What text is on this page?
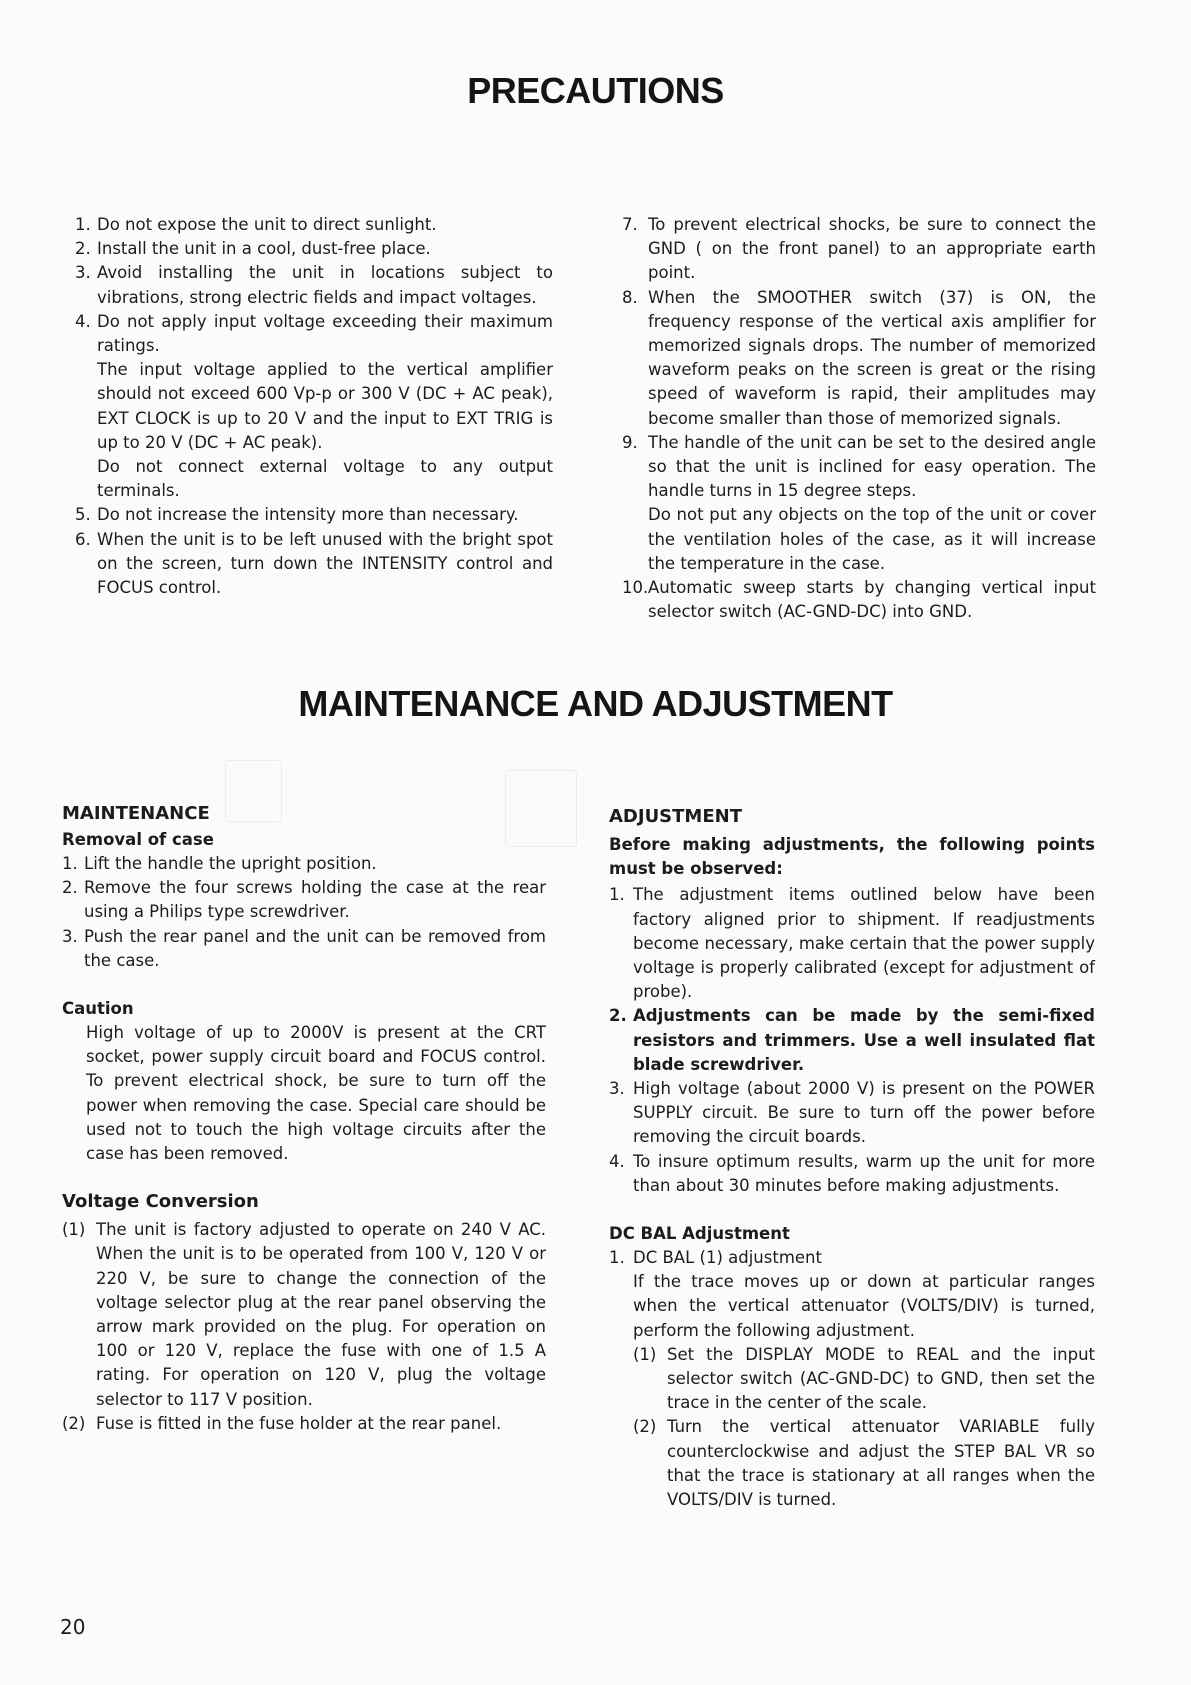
PRECAUTIONS
1. Do not expose the unit to direct sunlight.
2. Install the unit in a cool, dust-free place.
3. Avoid installing the unit in locations subject to vibrations, strong electric fields and impact voltages.
4. Do not apply input voltage exceeding their maximum ratings.
The input voltage applied to the vertical amplifier should not exceed 600 Vp-p or 300 V (DC + AC peak), EXT CLOCK is up to 20 V and the input to EXT TRIG is up to 20 V (DC + AC peak).
Do not connect external voltage to any output terminals.
5. Do not increase the intensity more than necessary.
6. When the unit is to be left unused with the bright spot on the screen, turn down the INTENSITY control and FOCUS control.
7. To prevent electrical shocks, be sure to connect the GND ( on the front panel) to an appropriate earth point.
8. When the SMOOTHER switch (37) is ON, the frequency response of the vertical axis amplifier for memorized signals drops. The number of memorized waveform peaks on the screen is great or the rising speed of waveform is rapid, their amplitudes may become smaller than those of memorized signals.
9. The handle of the unit can be set to the desired angle so that the unit is inclined for easy operation. The handle turns in 15 degree steps.
Do not put any objects on the top of the unit or cover the ventilation holes of the case, as it will increase the temperature in the case.
10. Automatic sweep starts by changing vertical input selector switch (AC-GND-DC) into GND.
MAINTENANCE AND ADJUSTMENT
MAINTENANCE
Removal of case
1. Lift the handle the upright position.
2. Remove the four screws holding the case at the rear using a Philips type screwdriver.
3. Push the rear panel and the unit can be removed from the case.
Caution
High voltage of up to 2000V is present at the CRT socket, power supply circuit board and FOCUS control. To prevent electrical shock, be sure to turn off the power when removing the case. Special care should be used not to touch the high voltage circuits after the case has been removed.
Voltage Conversion
(1) The unit is factory adjusted to operate on 240 V AC. When the unit is to be operated from 100 V, 120 V or 220 V, be sure to change the connection of the voltage selector plug at the rear panel observing the arrow mark provided on the plug. For operation on 100 or 120 V, replace the fuse with one of 1.5 A rating. For operation on 120 V, plug the voltage selector to 117 V position.
(2) Fuse is fitted in the fuse holder at the rear panel.
ADJUSTMENT
Before making adjustments, the following points must be observed:
1. The adjustment items outlined below have been factory aligned prior to shipment. If readjustments become necessary, make certain that the power supply voltage is properly calibrated (except for adjustment of probe).
2. Adjustments can be made by the semi-fixed resistors and trimmers. Use a well insulated flat blade screwdriver.
3. High voltage (about 2000 V) is present on the POWER SUPPLY circuit. Be sure to turn off the power before removing the circuit boards.
4. To insure optimum results, warm up the unit for more than about 30 minutes before making adjustments.
DC BAL Adjustment
1. DC BAL (1) adjustment
If the trace moves up or down at particular ranges when the vertical attenuator (VOLTS/DIV) is turned, perform the following adjustment.
(1) Set the DISPLAY MODE to REAL and the input selector switch (AC-GND-DC) to GND, then set the trace in the center of the scale.
(2) Turn the vertical attenuator VARIABLE fully counterclockwise and adjust the STEP BAL VR so that the trace is stationary at all ranges when the VOLTS/DIV is turned.
20
